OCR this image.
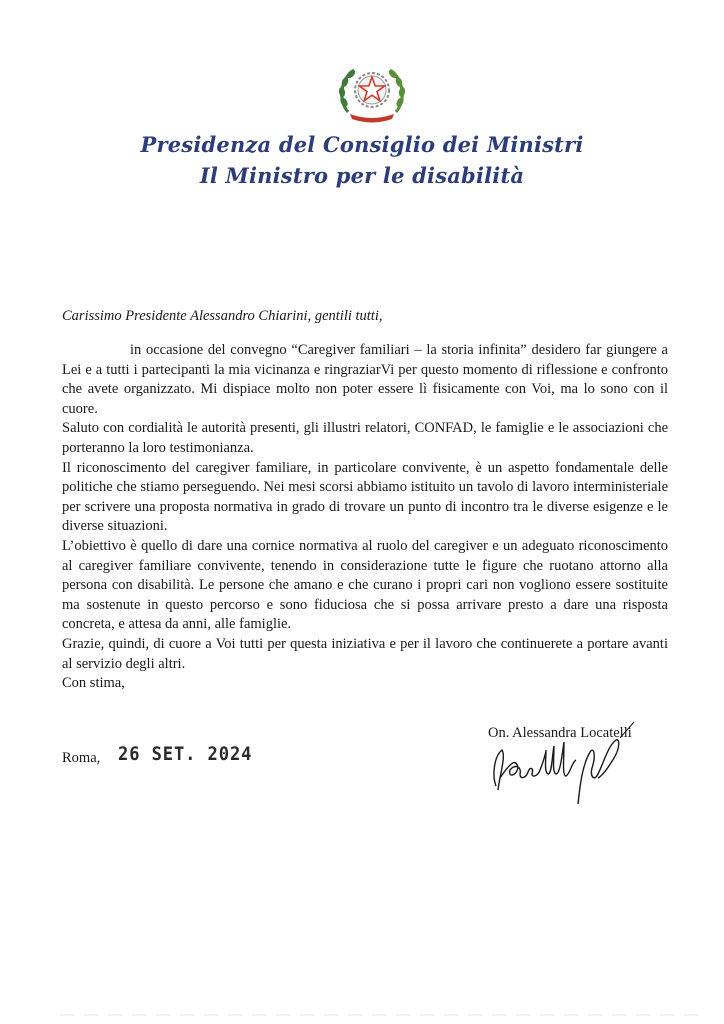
Presidenza del Consiglio dei Ministri
Il Ministro per le disabilità
Carissimo Presidente Alessandro Chiarini, gentili tutti,

in occasione del convegno “Caregiver familiari – la storia infinita” desidero far giungere a Lei e a tutti i partecipanti la mia vicinanza e ringraziarVi per questo momento di riflessione e confronto che avete organizzato. Mi dispiace molto non poter essere lì fisicamente con Voi, ma lo sono con il cuore.

Saluto con cordialità le autorità presenti, gli illustri relatori, CONFAD, le famiglie e le associazioni che porteranno la loro testimonianza.

Il riconoscimento del caregiver familiare, in particolare convivente, è un aspetto fondamentale delle politiche che stiamo perseguendo. Nei mesi scorsi abbiamo istituito un tavolo di lavoro interministeriale per scrivere una proposta normativa in grado di trovare un punto di incontro tra le diverse esigenze e le diverse situazioni.

L’obiettivo è quello di dare una cornice normativa al ruolo del caregiver e un adeguato riconoscimento al caregiver familiare convivente, tenendo in considerazione tutte le figure che ruotano attorno alla persona con disabilità. Le persone che amano e che curano i propri cari non vogliono essere sostituite ma sostenute in questo percorso e sono fiduciosa che si possa arrivare presto a dare una risposta concreta, e attesa da anni, alle famiglie.

Grazie, quindi, di cuore a Voi tutti per questa iniziativa e per il lavoro che continuerete a portare avanti al servizio degli altri.

Con stima,

Roma, 26 SET. 2024
On. Alessandra Locatelli
